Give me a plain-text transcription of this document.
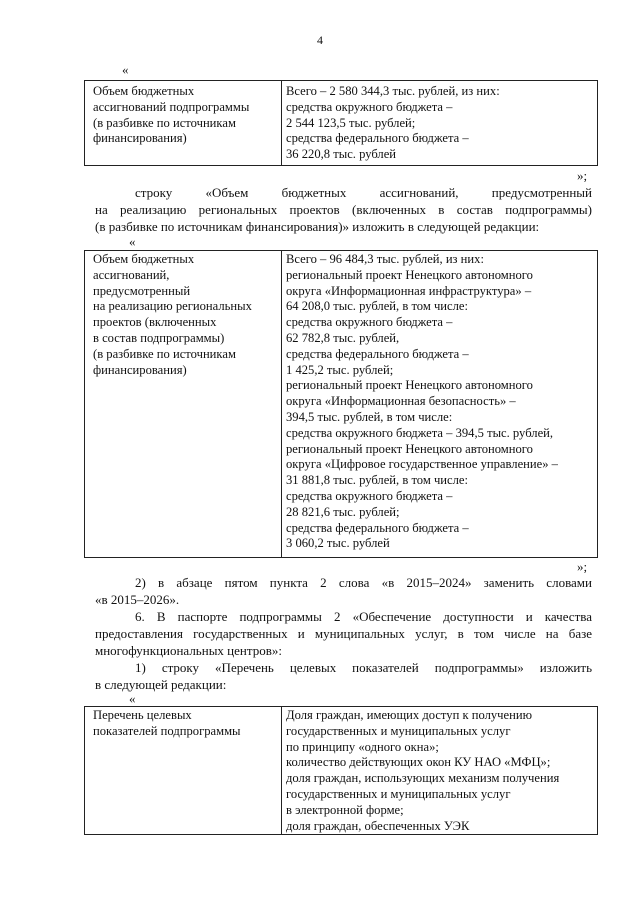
4
«
Объем бюджетных
ассигнований подпрограммы
(в разбивке по источникам
финансирования)
Всего – 2 580 344,3 тыс. рублей, из них:
средства окружного бюджета –
2 544 123,5 тыс. рублей;
средства федерального бюджета –
36 220,8 тыс. рублей
»;
строку «Объем бюджетных ассигнований, предусмотренный
на реализацию региональных проектов (включенных в состав подпрограммы)
(в разбивке по источникам финансирования)» изложить в следующей редакции:
«
Объем бюджетных
ассигнований,
предусмотренный
на реализацию региональных
проектов (включенных
в состав подпрограммы)
(в разбивке по источникам
финансирования)
Всего – 96 484,3 тыс. рублей, из них:
региональный проект Ненецкого автономного
округа «Информационная инфраструктура» –
64 208,0 тыс. рублей, в том числе:
средства окружного бюджета –
62 782,8 тыс. рублей,
средства федерального бюджета –
1 425,2 тыс. рублей;
региональный проект Ненецкого автономного
округа «Информационная безопасность» –
394,5 тыс. рублей, в том числе:
средства окружного бюджета – 394,5 тыс. рублей,
региональный проект Ненецкого автономного
округа «Цифровое государственное управление» –
31 881,8 тыс. рублей, в том числе:
средства окружного бюджета –
28 821,6 тыс. рублей;
средства федерального бюджета –
3 060,2 тыс. рублей
»;
2) в абзаце пятом пункта 2 слова «в 2015–2024» заменить словами
«в 2015–2026».
6. В паспорте подпрограммы 2 «Обеспечение доступности и качества
предоставления государственных и муниципальных услуг, в том числе на базе
многофункциональных центров»:
1) строку «Перечень целевых показателей подпрограммы» изложить
в следующей редакции:
«
Перечень целевых
показателей подпрограммы
Доля граждан, имеющих доступ к получению
государственных и муниципальных услуг
по принципу «одного окна»;
количество действующих окон КУ НАО «МФЦ»;
доля граждан, использующих механизм получения
государственных и муниципальных услуг
в электронной форме;
доля граждан, обеспеченных УЭК
